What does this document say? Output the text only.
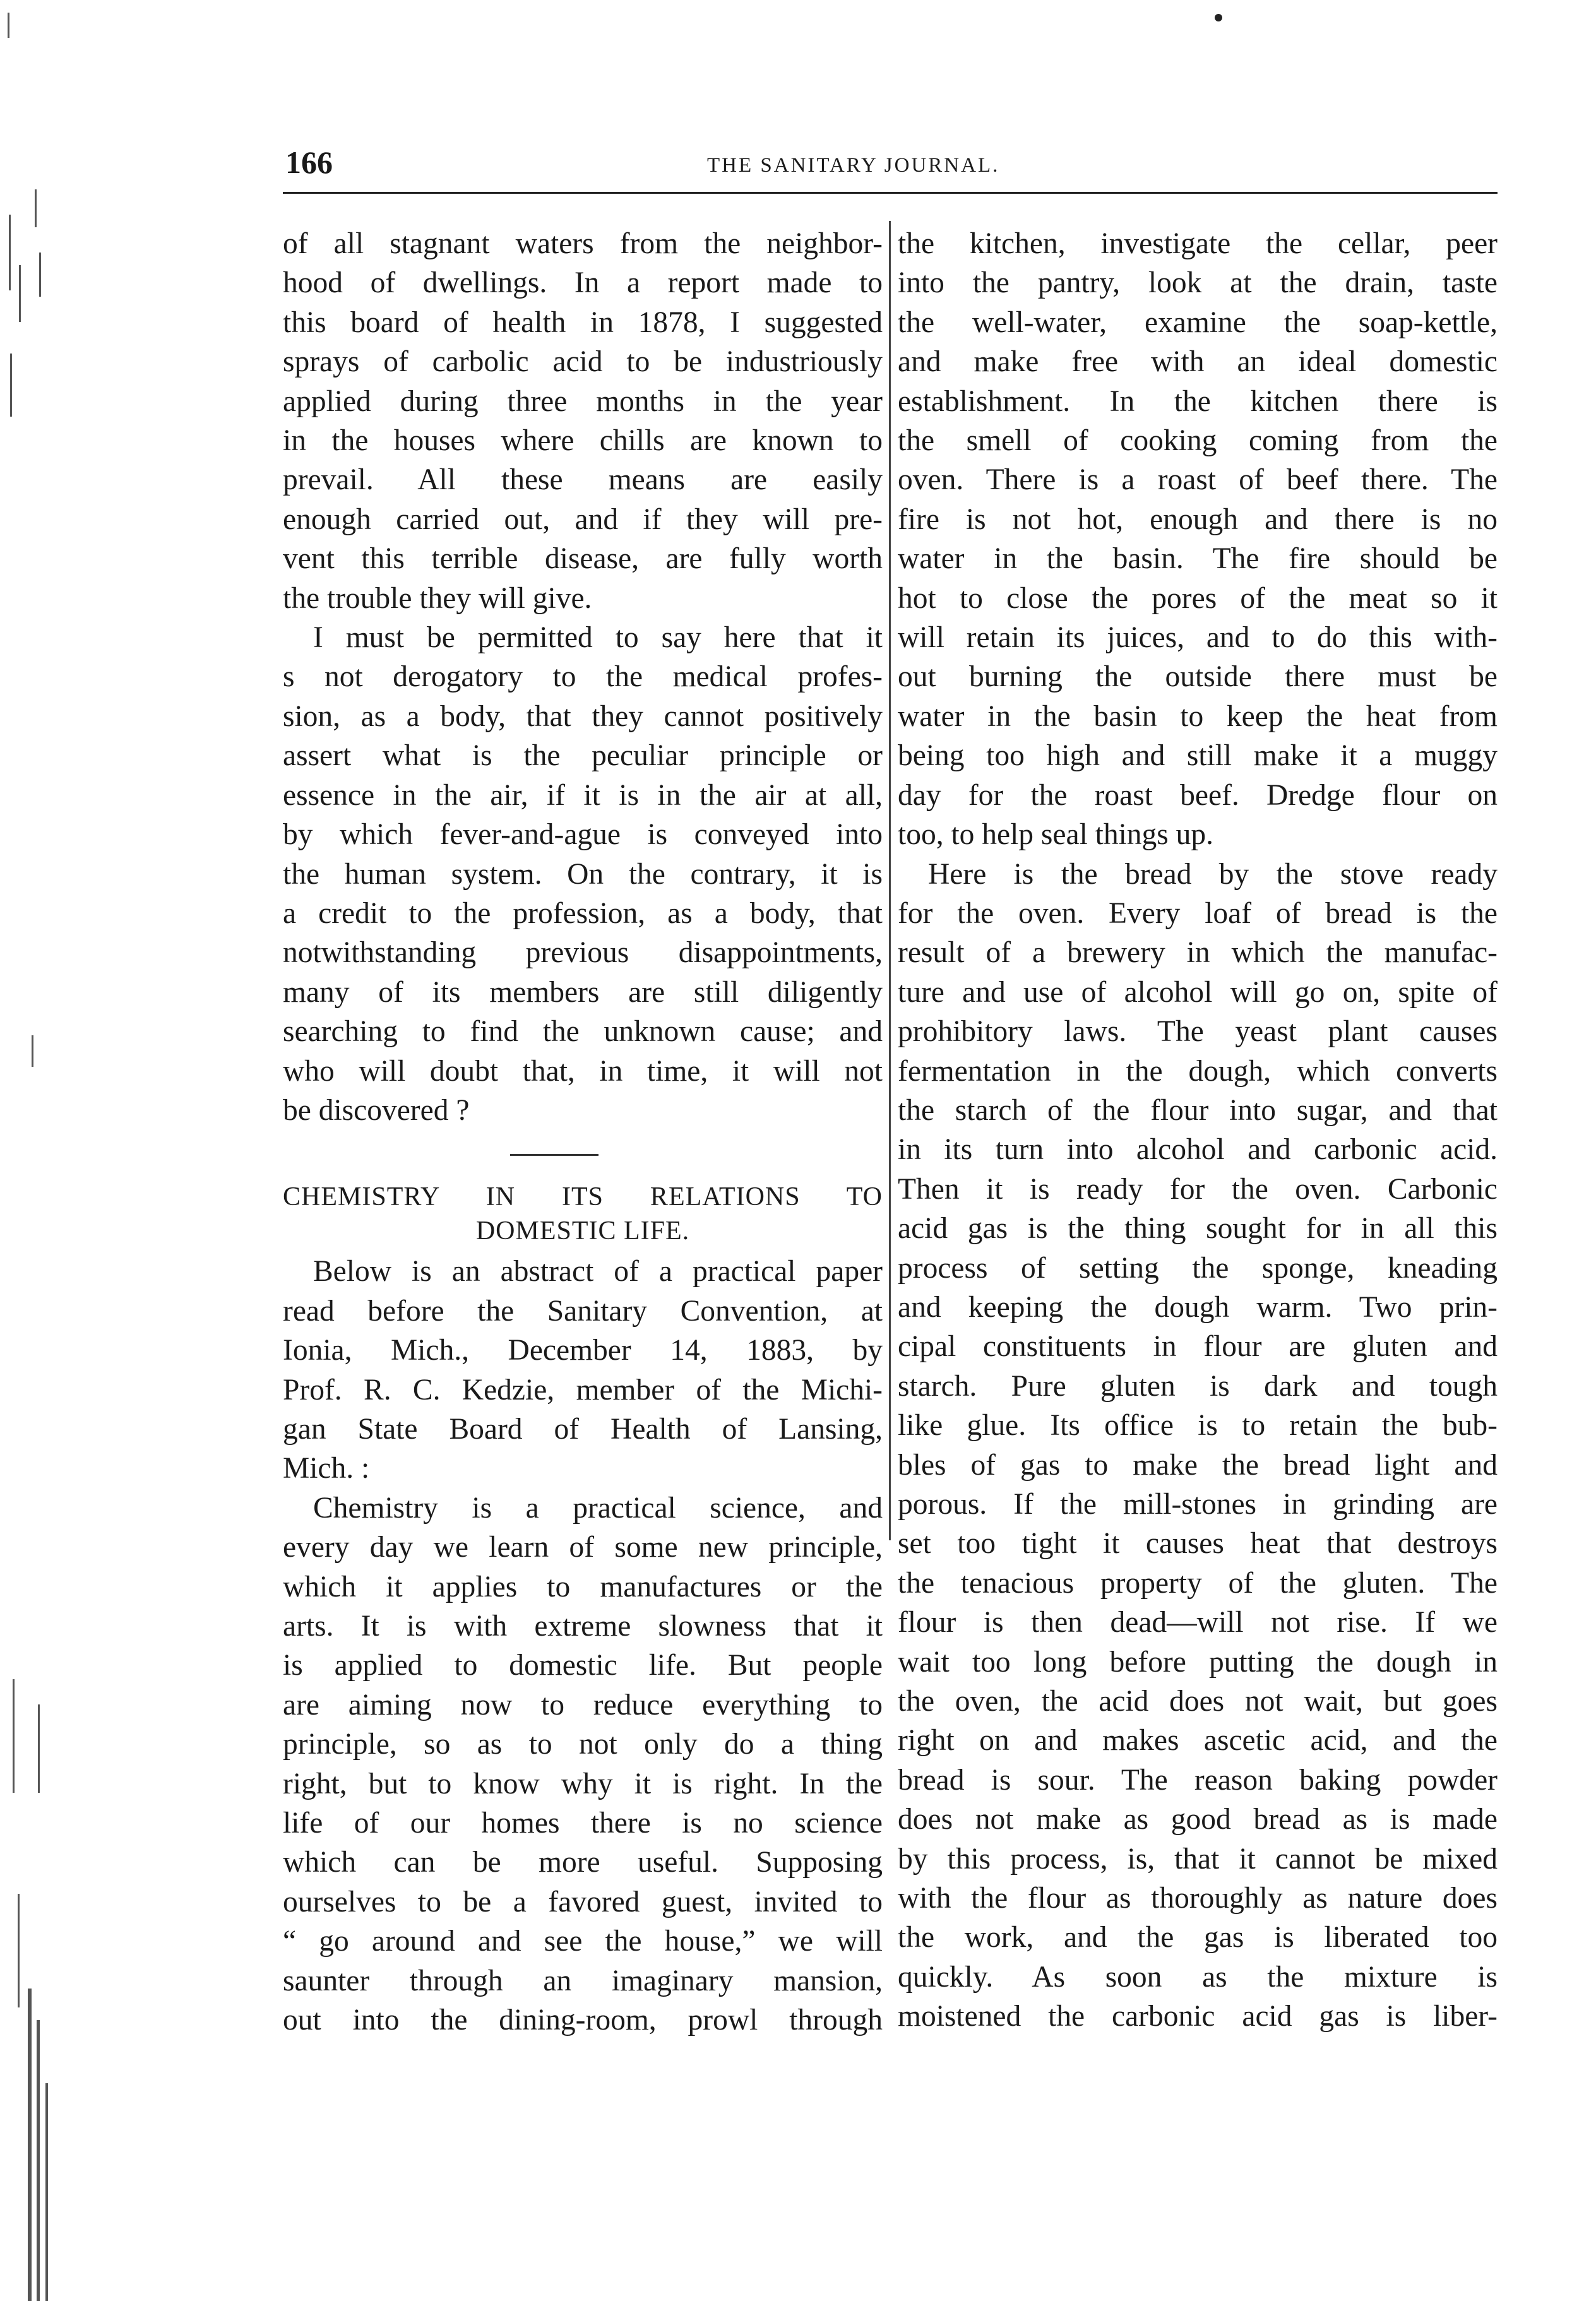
166	THE SANITARY JOURNAL.

of all stagnant waters from the neighbor-
hood of dwellings. In a report made to
this board of health in 1878, I suggested
sprays of carbolic acid to be industriously
applied during three months in the year
in the houses where chills are known to
prevail. All these means are easily
enough carried out, and if they will pre-
vent this terrible disease, are fully worth
the trouble they will give.

I must be permitted to say here that it
s not derogatory to the medical profes-
sion, as a body, that they cannot positively
assert what is the peculiar principle or
essence in the air, if it is in the air at all,
by which fever-and-ague is conveyed into
the human system. On the contrary, it is
a credit to the profession, as a body, that
notwithstanding previous disappointments,
many of its members are still diligently
searching to find the unknown cause; and
who will doubt that, in time, it will not
be discovered ?

CHEMISTRY IN ITS RELATIONS TO
DOMESTIC LIFE.

Below is an abstract of a practical paper
read before the Sanitary Convention, at
Ionia, Mich., December 14, 1883, by
Prof. R. C. Kedzie, member of the Michi-
gan State Board of Health of Lansing,
Mich. :

Chemistry is a practical science, and
every day we learn of some new principle,
which it applies to manufactures or the
arts. It is with extreme slowness that it
is applied to domestic life. But people
are aiming now to reduce everything to
principle, so as to not only do a thing
right, but to know why it is right. In the
life of our homes there is no science
which can be more useful. Supposing
ourselves to be a favored guest, invited to
“ go around and see the house,” we will
saunter through an imaginary mansion,
out into the dining-room, prowl through

the kitchen, investigate the cellar, peer
into the pantry, look at the drain, taste
the well-water, examine the soap-kettle,
and make free with an ideal domestic
establishment. In the kitchen there is
the smell of cooking coming from the
oven. There is a roast of beef there. The
fire is not hot, enough and there is no
water in the basin. The fire should be
hot to close the pores of the meat so it
will retain its juices, and to do this with-
out burning the outside there must be
water in the basin to keep the heat from
being too high and still make it a muggy
day for the roast beef. Dredge flour on
too, to help seal things up.

Here is the bread by the stove ready
for the oven. Every loaf of bread is the
result of a brewery in which the manufac-
ture and use of alcohol will go on, spite of
prohibitory laws. The yeast plant causes
fermentation in the dough, which converts
the starch of the flour into sugar, and that
in its turn into alcohol and carbonic acid.
Then it is ready for the oven. Carbonic
acid gas is the thing sought for in all this
process of setting the sponge, kneading
and keeping the dough warm. Two prin-
cipal constituents in flour are gluten and
starch. Pure gluten is dark and tough
like glue. Its office is to retain the bub-
bles of gas to make the bread light and
porous. If the mill-stones in grinding are
set too tight it causes heat that destroys
the tenacious property of the gluten. The
flour is then dead—will not rise. If we
wait too long before putting the dough in
the oven, the acid does not wait, but goes
right on and makes ascetic acid, and the
bread is sour. The reason baking powder
does not make as good bread as is made
by this process, is, that it cannot be mixed
with the flour as thoroughly as nature does
the work, and the gas is liberated too
quickly. As soon as the mixture is
moistened the carbonic acid gas is liber-
